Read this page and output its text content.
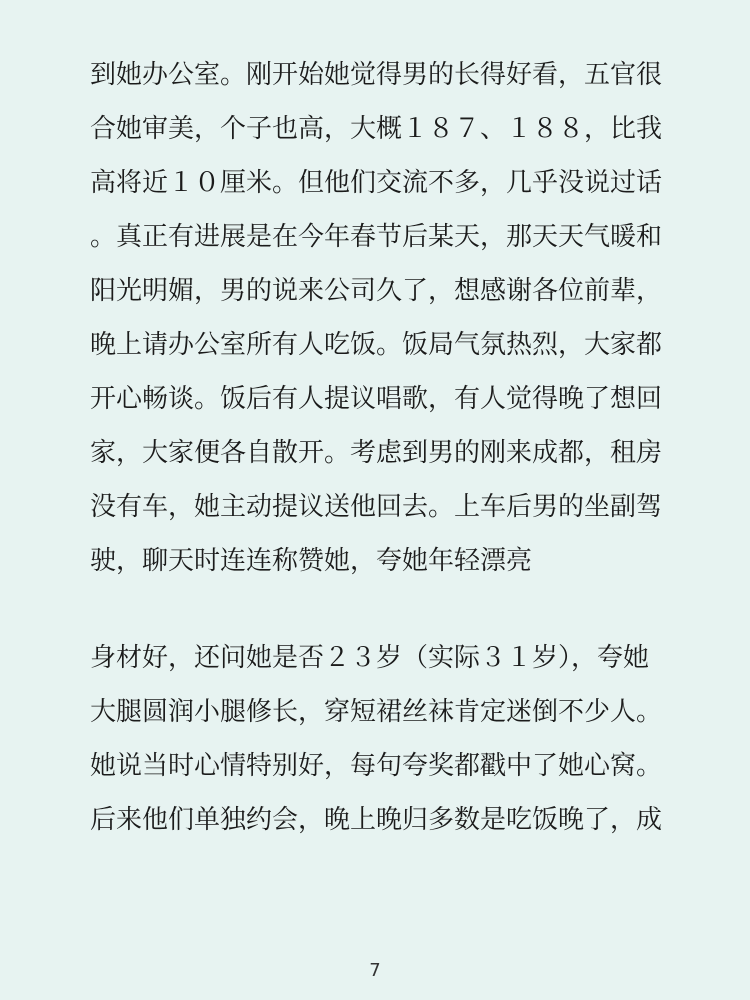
到她办公室。刚开始她觉得男的长得好看，五官很
合她审美，个子也高，大概１８７、１８８，比我
高将近１０厘米。但他们交流不多，几乎没说过话
。真正有进展是在今年春节后某天，那天天气暖和
阳光明媚，男的说来公司久了，想感谢各位前辈，
晚上请办公室所有人吃饭。饭局气氛热烈，大家都
开心畅谈。饭后有人提议唱歌，有人觉得晚了想回
家，大家便各自散开。考虑到男的刚来成都，租房
没有车，她主动提议送他回去。上车后男的坐副驾
驶，聊天时连连称赞她，夸她年轻漂亮
身材好，还问她是否２３岁（实际３１岁），夸她
大腿圆润小腿修长，穿短裙丝袜肯定迷倒不少人。
她说当时心情特别好，每句夸奖都戳中了她心窝。
后来他们单独约会，晚上晚归多数是吃饭晚了，成
7
